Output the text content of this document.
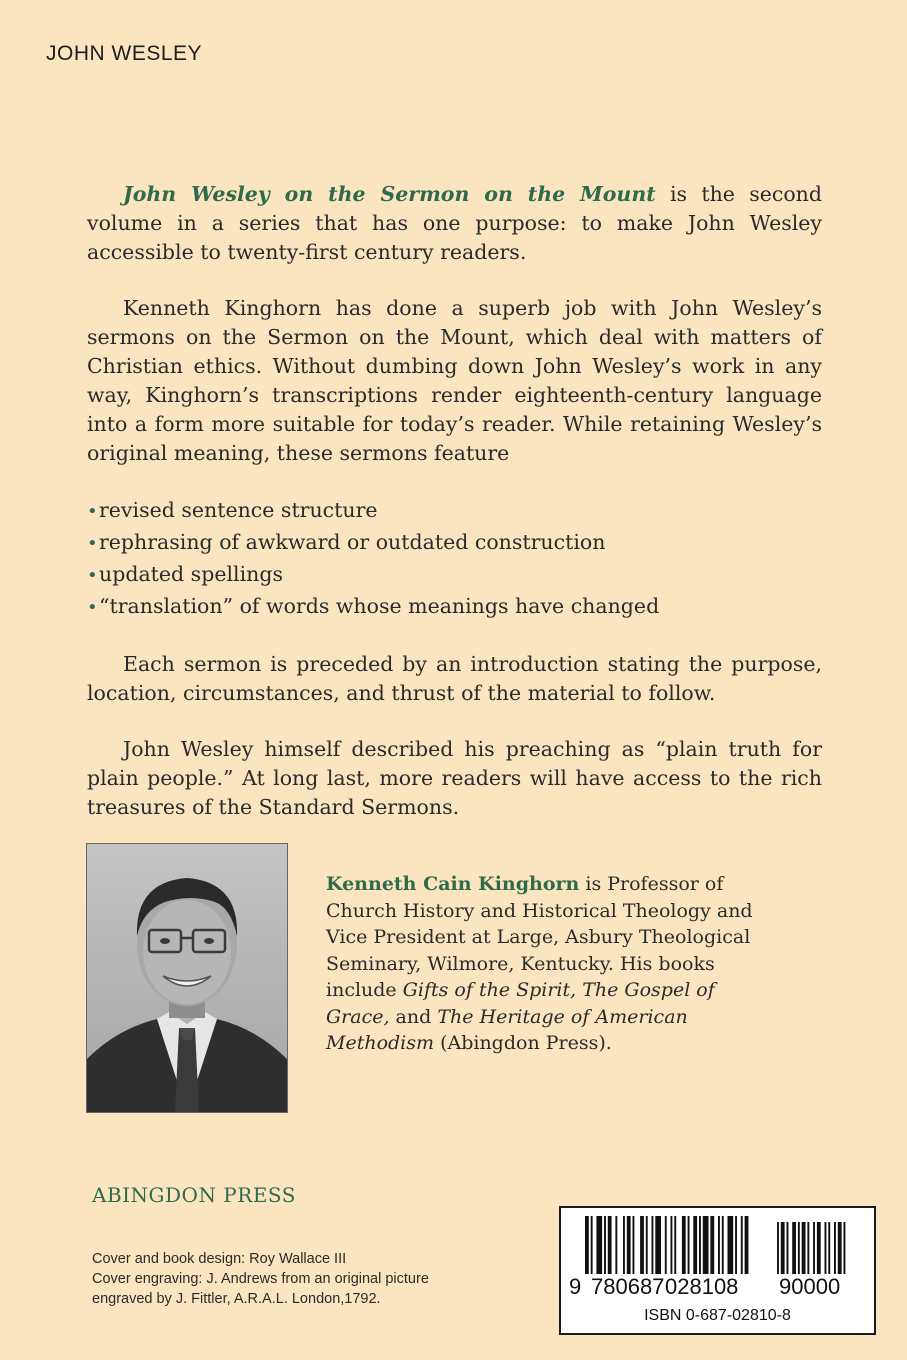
JOHN WESLEY

John Wesley on the Sermon on the Mount is the second volume in a series that has one purpose: to make John Wesley accessible to twenty-first century readers.

Kenneth Kinghorn has done a superb job with John Wesley’s sermons on the Sermon on the Mount, which deal with matters of Christian ethics. Without dumbing down John Wesley’s work in any way, Kinghorn’s transcriptions render eighteenth-century language into a form more suitable for today’s reader. While retaining Wesley’s original meaning, these sermons feature

•revised sentence structure
•rephrasing of awkward or outdated construction
•updated spellings
•“translation” of words whose meanings have changed

Each sermon is preceded by an introduction stating the purpose, location, circumstances, and thrust of the material to follow.

John Wesley himself described his preaching as “plain truth for plain people.” At long last, more readers will have access to the rich treasures of the Standard Sermons.

Kenneth Cain Kinghorn is Professor of Church History and Historical Theology and Vice President at Large, Asbury Theological Seminary, Wilmore, Kentucky. His books include Gifts of the Spirit, The Gospel of Grace, and The Heritage of American Methodism (Abingdon Press).
ABINGDON PRESS
Cover and book design: Roy Wallace III
Cover engraving: J. Andrews from an original picture
engraved by J. Fittler, A.R.A.L. London,1792.	9 780687 028108 90000
ISBN 0-687-02810-8
